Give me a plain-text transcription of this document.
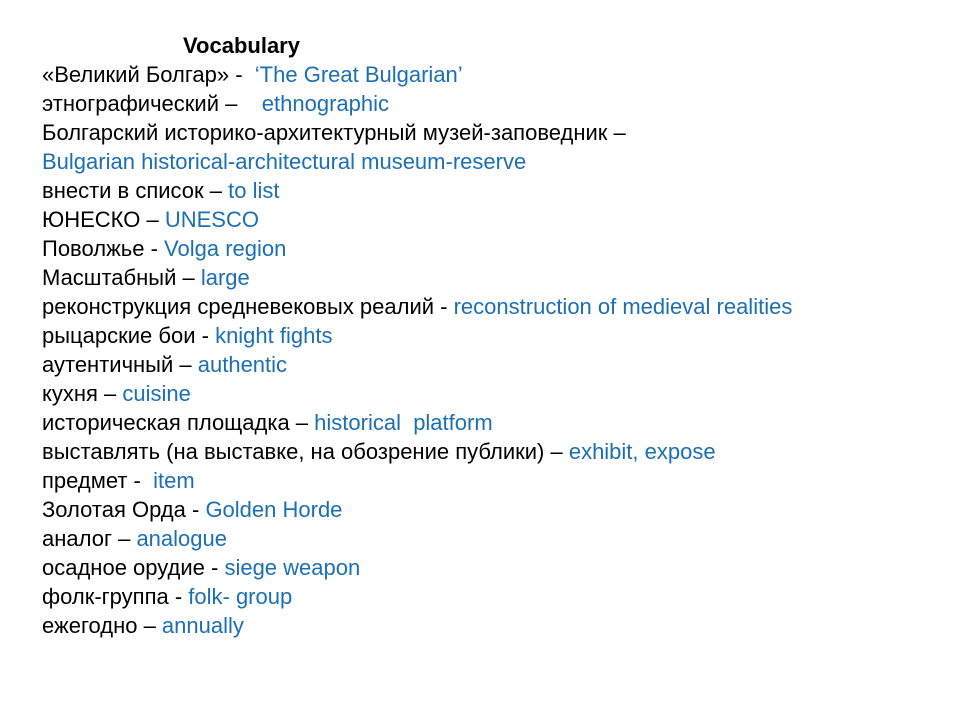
Vocabulary
«Великий Болгар» -  ‘The Great Bulgarian’
этнографический –    ethnographic
Болгарский историко-архитектурный музей-заповедник –
Bulgarian historical-architectural museum-reserve
внести в список – to list
ЮНЕСКО – UNESCO
Поволжье - Volga region
Масштабный – large
реконструкция средневековых реалий - reconstruction of medieval realities
рыцарские бои - knight fights
аутентичный – authentic
кухня – cuisine
историческая площадка – historical  platform
выставлять (на выставке, на обозрение публики) – exhibit, expose
предмет -  item
Золотая Орда - Golden Horde
аналог – analogue
осадное орудие - siege weapon
фолк-группа - folk- group
ежегодно – annually
